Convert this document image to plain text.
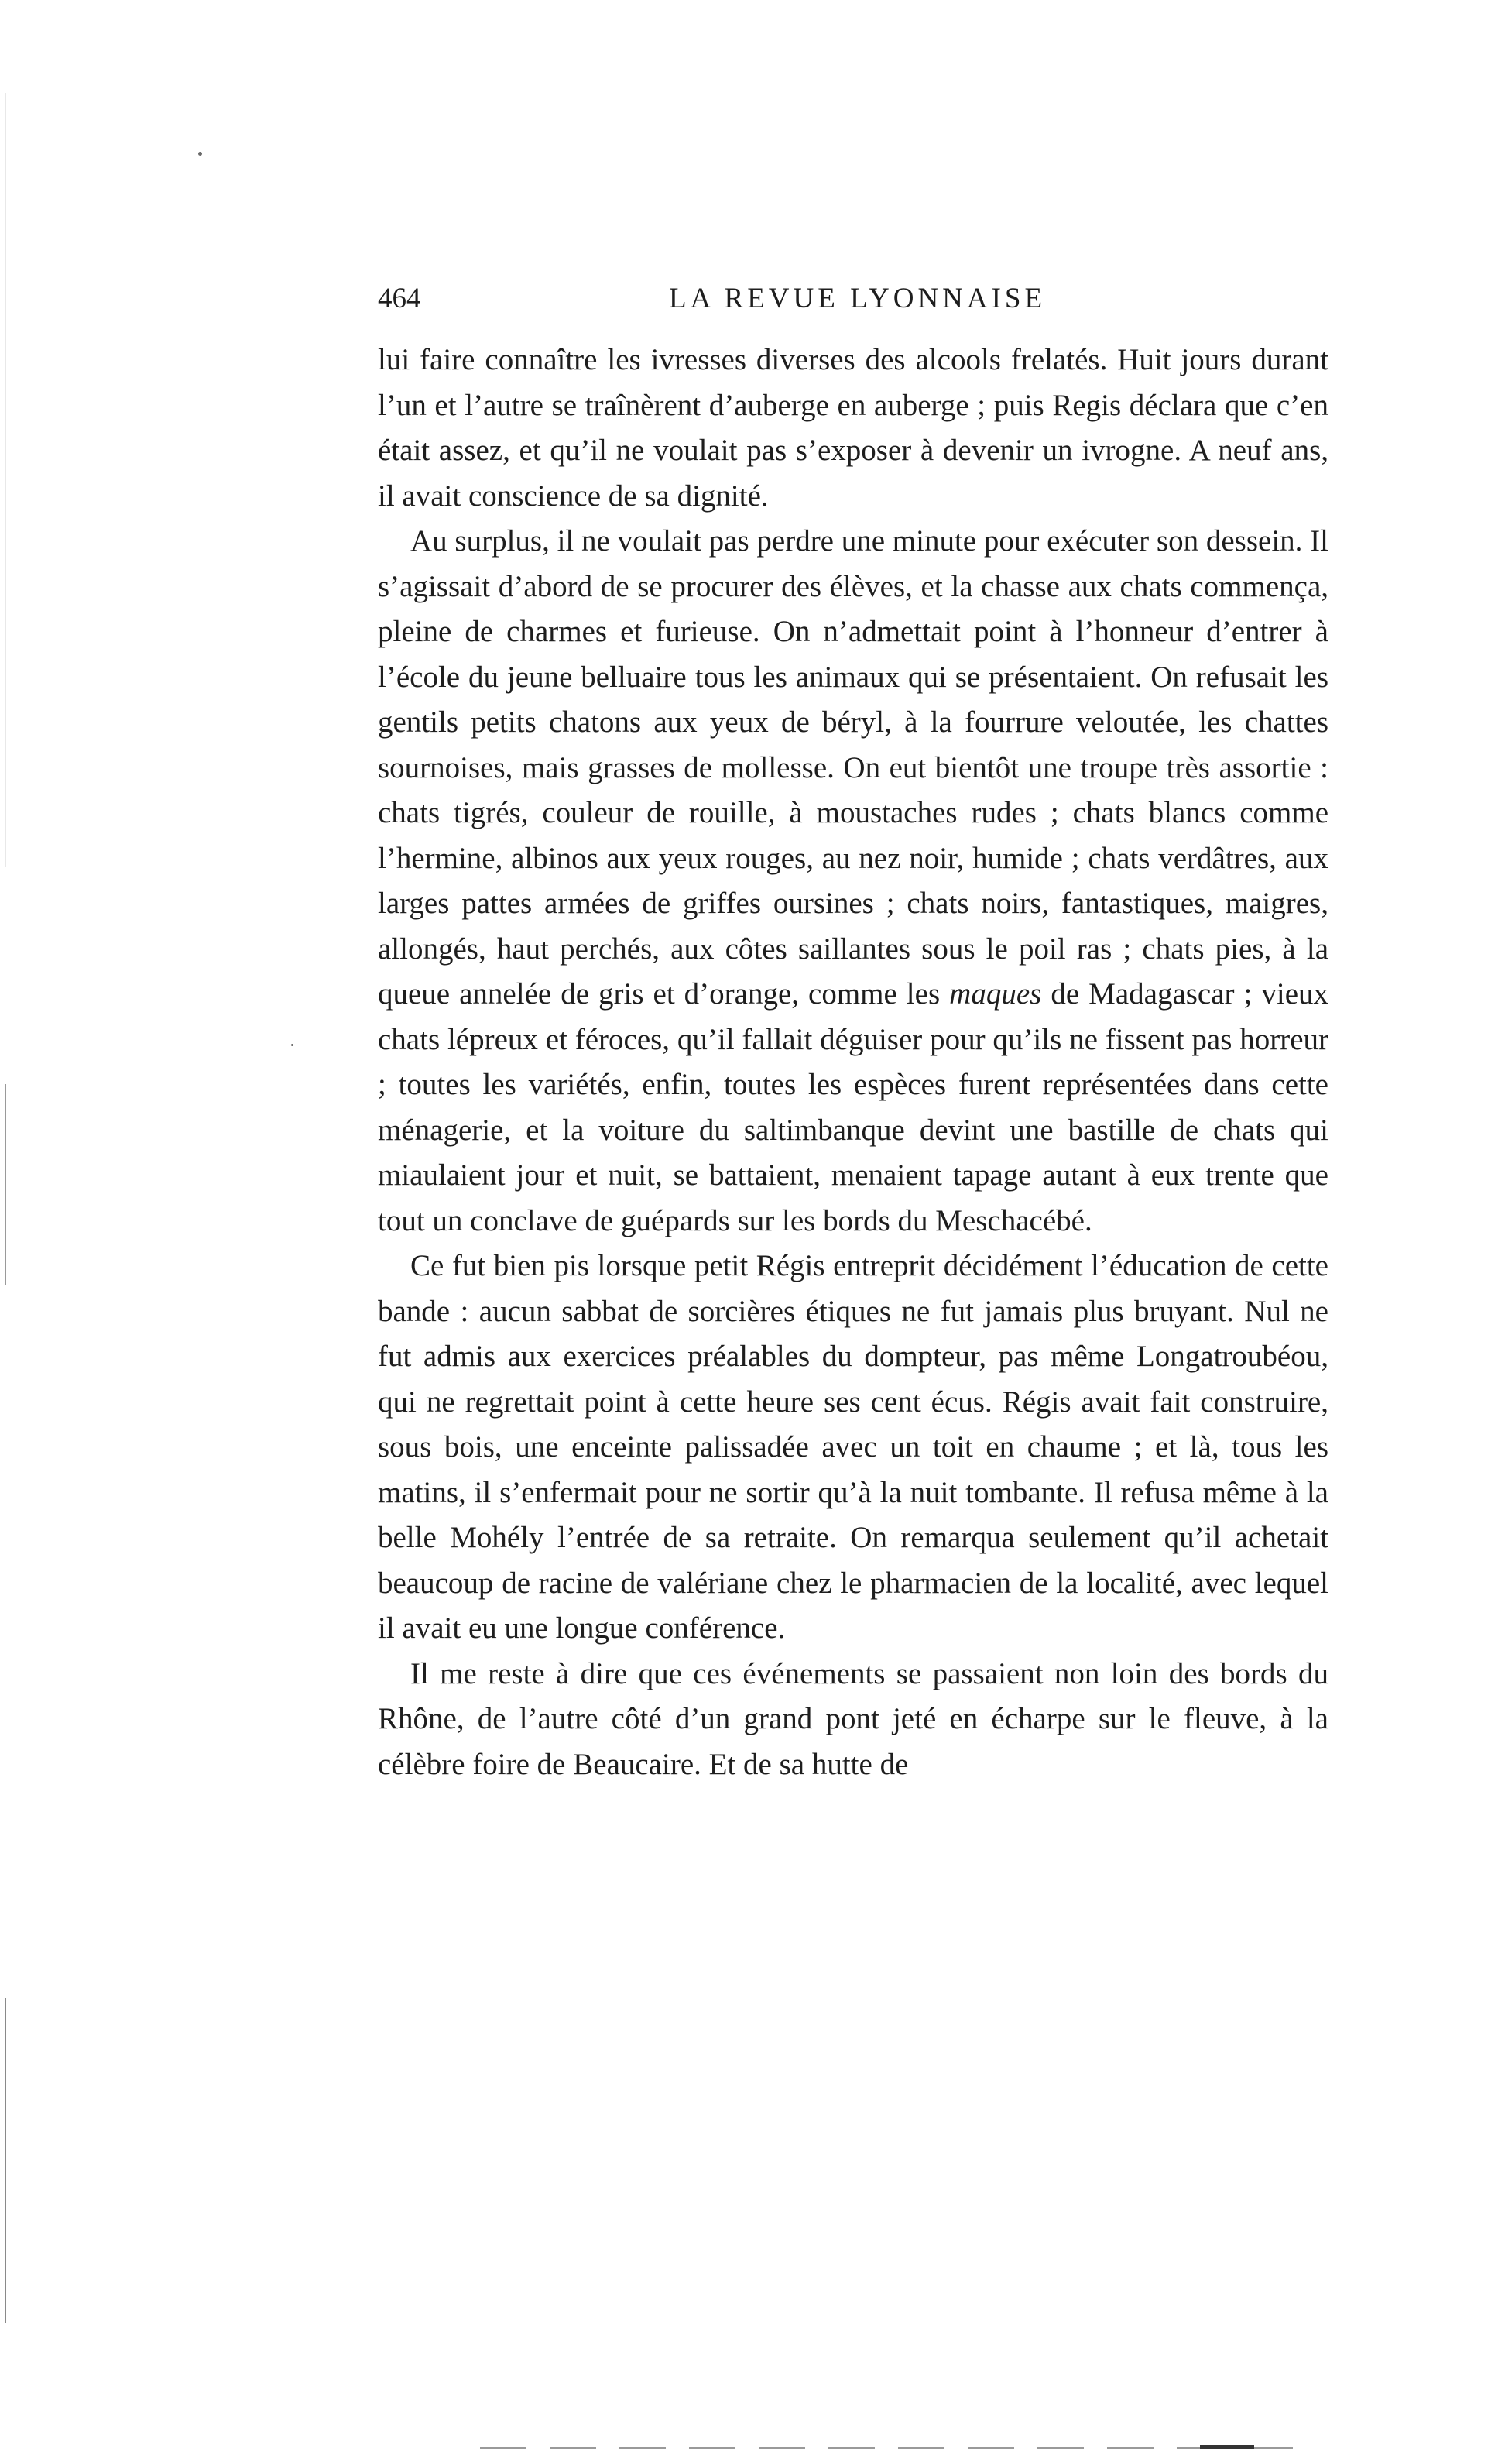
464	LA REVUE LYONNAISE

lui faire connaître les ivresses diverses des alcools frelatés. Huit jours durant l’un et l’autre se traînèrent d’auberge en auberge ; puis Regis déclara que c’en était assez, et qu’il ne voulait pas s’exposer à devenir un ivrogne. A neuf ans, il avait conscience de sa dignité.

Au surplus, il ne voulait pas perdre une minute pour exécuter son dessein. Il s’agissait d’abord de se procurer des élèves, et la chasse aux chats commença, pleine de charmes et furieuse. On n’admettait point à l’honneur d’entrer à l’école du jeune belluaire tous les animaux qui se présentaient. On refusait les gentils petits chatons aux yeux de béryl, à la fourrure veloutée, les chattes sournoises, mais grasses de mollesse. On eut bientôt une troupe très assortie : chats tigrés, couleur de rouille, à moustaches rudes ; chats blancs comme l’hermine, albinos aux yeux rouges, au nez noir, humide ; chats verdâtres, aux larges pattes armées de griffes oursines ; chats noirs, fantastiques, maigres, allongés, haut perchés, aux côtes saillantes sous le poil ras ; chats pies, à la queue annelée de gris et d’orange, comme les maques de Madagascar ; vieux chats lépreux et féroces, qu’il fallait déguiser pour qu’ils ne fissent pas horreur ; toutes les variétés, enfin, toutes les espèces furent représentées dans cette ménagerie, et la voiture du saltimbanque devint une bastille de chats qui miaulaient jour et nuit, se battaient, menaient tapage autant à eux trente que tout un conclave de guépards sur les bords du Meschacébé.

Ce fut bien pis lorsque petit Régis entreprit décidément l’éducation de cette bande : aucun sabbat de sorcières étiques ne fut jamais plus bruyant. Nul ne fut admis aux exercices préalables du dompteur, pas même Longatroubéou, qui ne regrettait point à cette heure ses cent écus. Régis avait fait construire, sous bois, une enceinte palissadée avec un toit en chaume ; et là, tous les matins, il s’enfermait pour ne sortir qu’à la nuit tombante. Il refusa même à la belle Mohély l’entrée de sa retraite. On remarqua seulement qu’il achetait beaucoup de racine de valériane chez le pharmacien de la localité, avec lequel il avait eu une longue conférence.

Il me reste à dire que ces événements se passaient non loin des bords du Rhône, de l’autre côté d’un grand pont jeté en écharpe sur le fleuve, à la célèbre foire de Beaucaire. Et de sa hutte de
